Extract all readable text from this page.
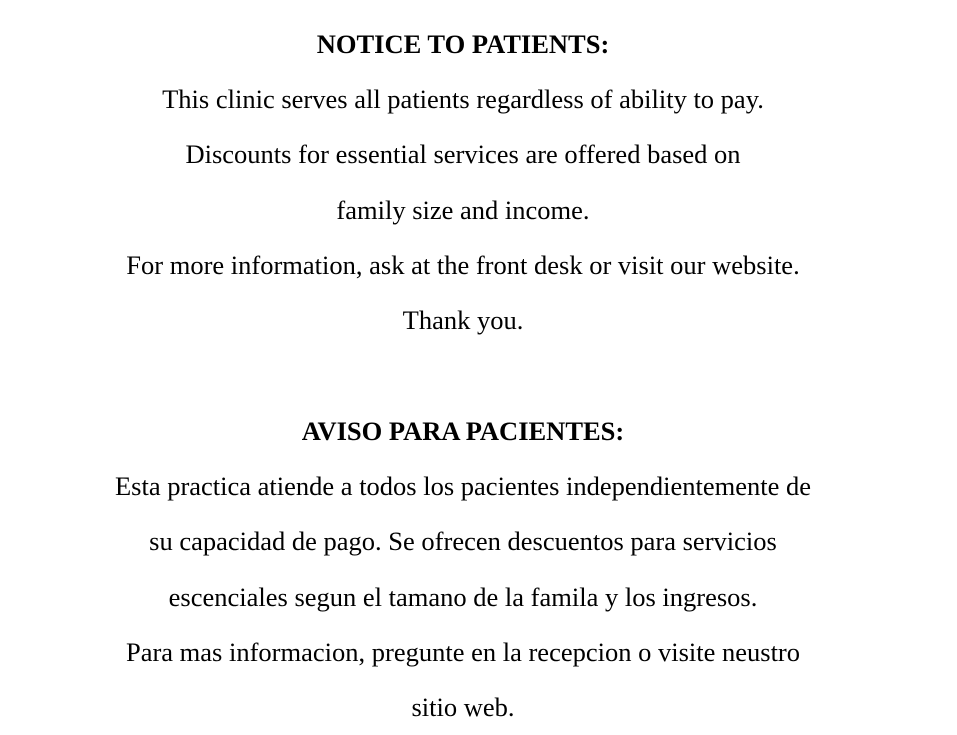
NOTICE TO PATIENTS:
This clinic serves all patients regardless of ability to pay.
Discounts for essential services are offered based on
family size and income.
For more information, ask at the front desk or visit our website.
Thank you.
AVISO PARA PACIENTES:
Esta practica atiende a todos los pacientes independientemente de
su capacidad de pago. Se ofrecen descuentos para servicios
escenciales segun el tamano de la famila y los ingresos.
Para mas informacion, pregunte en la recepcion o visite neustro
sitio web.
